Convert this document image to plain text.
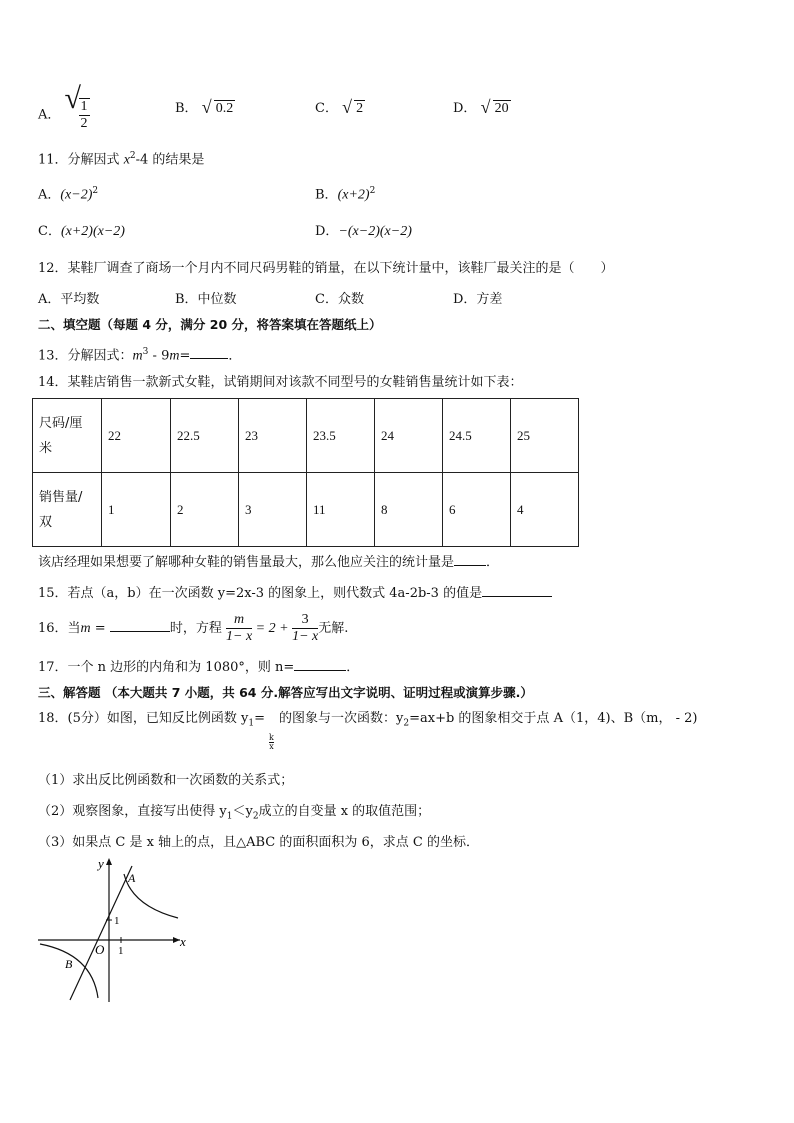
A． √
$\frac{1}{2}$	B． √ 0.2	C． √ 2	D． √ 20
11．分解因式 $x^2-4$ 的结果是
A．$(x-2)^2$	B．$(x+2)^2$
C．(x+2)(x−2)	D．−(x−2)(x−2)
12．某鞋厂调查了商场一个月内不同尺码男鞋的销量，在以下统计量中，该鞋厂最关注的是（　　）
A．平均数	B．中位数	C．众数	D．方差
二、填空题（每题 4 分，满分 20 分，将答案填在答题纸上）
13．分解因式：$m^3 - 9m=$	．
14．某鞋店销售一款新式女鞋，试销期间对该款不同型号的女鞋销售量统计如下表：
尺码/厘
米	22	22.5	23	23.5	24	24.5	25
销售量/
双	1	2	3	11	8	6	4
该店经理如果想要了解哪种女鞋的销售量最大，那么他应关注的统计量是 ．
15．若点（a，b）在一次函数 y=2x-3 的图象上，则代数式 4a-2b-3 的值是
16．当m =	时，方程 $\frac{m}{1- x} = 2 + \frac{3}{1- x}$ 无解.
17．一个 n 边形的内角和为 1080°，则 n=	．
三、解答题 （本大题共 7 小题，共 64 分.解答应写出文字说明、证明过程或演算步骤.）
18．(5分）如图，已知反比例函数 $y_1=$
k
x
的图象与一次函数：$y_2=ax+b$ 的图象相交于点 A（1，4)、B（m， - 2)
（1）求出反比例函数和一次函数的关系式；
（2）观察图象，直接写出使得 $y_1<y_2$成立的自变量 x 的取值范围；
（3）如果点 C 是 x 轴上的点，且△ABC 的面积面积为 6，求点 C 的坐标．
y
x
O 1
1
A
B
